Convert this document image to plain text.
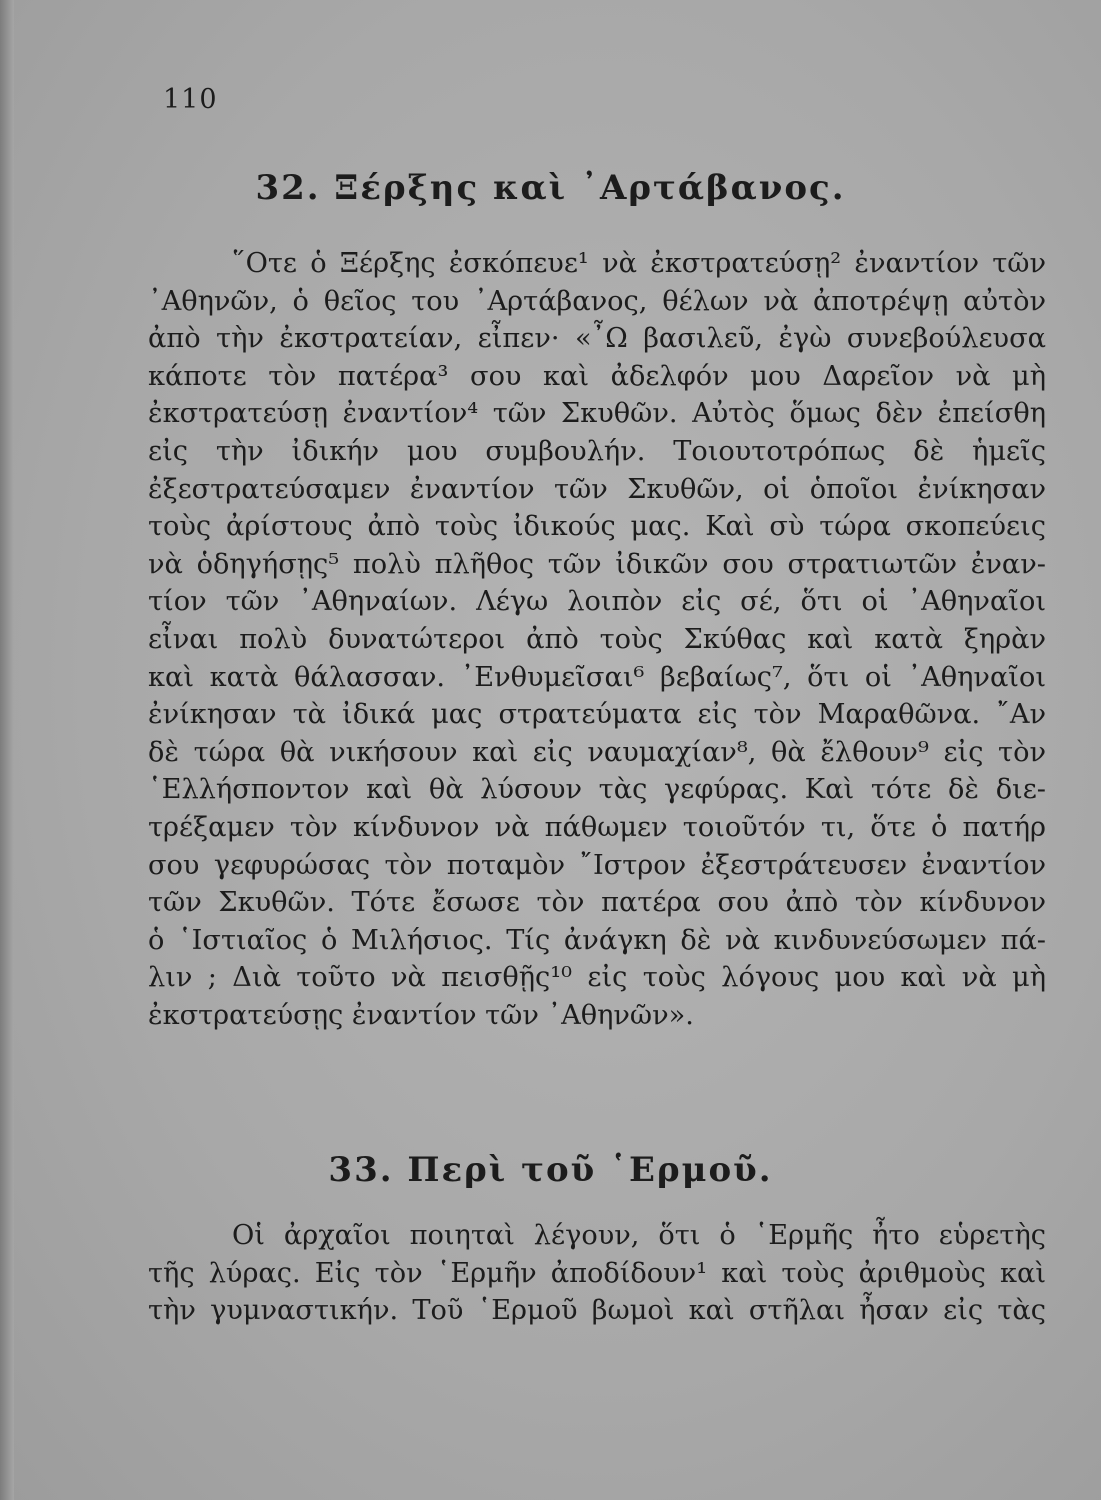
110
32. Ξέρξης καὶ ᾿Αρτάβανος.
῞Οτε ὁ Ξέρξης ἐσκόπευε¹ νὰ ἐκστρατεύσῃ² ἐναντίον τῶν
᾿Αθηνῶν, ὁ θεῖος του ᾿Αρτάβανος, θέλων νὰ ἀποτρέψῃ αὐτὸν
ἀπὸ τὴν ἐκστρατείαν, εἶπεν· «῏Ω βασιλεῦ, ἐγὼ συνεβούλευσα
κάποτε τὸν πατέρα³ σου καὶ ἀδελφόν μου Δαρεῖον νὰ μὴ
ἐκστρατεύσῃ ἐναντίον⁴ τῶν Σκυθῶν. Αὐτὸς ὅμως δὲν ἐπείσθη
εἰς τὴν ἰδικήν μου συμβουλήν. Τοιουτοτρόπως δὲ ἡμεῖς
ἐξεστρατεύσαμεν ἐναντίον τῶν Σκυθῶν, οἱ ὁποῖοι ἐνίκησαν
τοὺς ἀρίστους ἀπὸ τοὺς ἰδικούς μας. Καὶ σὺ τώρα σκοπεύεις
νὰ ὁδηγήσῃς⁵ πολὺ πλῆθος τῶν ἰδικῶν σου στρατιωτῶν ἐναν-
τίον τῶν ᾿Αθηναίων. Λέγω λοιπὸν εἰς σέ, ὅτι οἱ ᾿Αθηναῖοι
εἶναι πολὺ δυνατώτεροι ἀπὸ τοὺς Σκύθας καὶ κατὰ ξηρὰν
καὶ κατὰ θάλασσαν. ᾿Ενθυμεῖσαι⁶ βεβαίως⁷, ὅτι οἱ ᾿Αθηναῖοι
ἐνίκησαν τὰ ἰδικά μας στρατεύματα εἰς τὸν Μαραθῶνα. ῎Αν
δὲ τώρα θὰ νικήσουν καὶ εἰς ναυμαχίαν⁸, θὰ ἔλθουν⁹ εἰς τὸν
῾Ελλήσποντον καὶ θὰ λύσουν τὰς γεφύρας. Καὶ τότε δὲ διε-
τρέξαμεν τὸν κίνδυνον νὰ πάθωμεν τοιοῦτόν τι, ὅτε ὁ πατήρ
σου γεφυρώσας τὸν ποταμὸν ῎Ιστρον ἐξεστράτευσεν ἐναντίον
τῶν Σκυθῶν. Τότε ἔσωσε τὸν πατέρα σου ἀπὸ τὸν κίνδυνον
ὁ ῾Ιστιαῖος ὁ Μιλήσιος. Τίς ἀνάγκη δὲ νὰ κινδυνεύσωμεν πά-
λιν ; Διὰ τοῦτο νὰ πεισθῇς¹⁰ εἰς τοὺς λόγους μου καὶ νὰ μὴ
ἐκστρατεύσῃς ἐναντίον τῶν ᾿Αθηνῶν».
33. Περὶ τοῦ ῾Ερμοῦ.
Οἱ ἀρχαῖοι ποιηταὶ λέγουν, ὅτι ὁ ῾Ερμῆς ἦτο εὑρετὴς
τῆς λύρας. Εἰς τὸν ῾Ερμῆν ἀποδίδουν¹ καὶ τοὺς ἀριθμοὺς καὶ
τὴν γυμναστικήν. Τοῦ ῾Ερμοῦ βωμοὶ καὶ στῆλαι ἦσαν εἰς τὰς
